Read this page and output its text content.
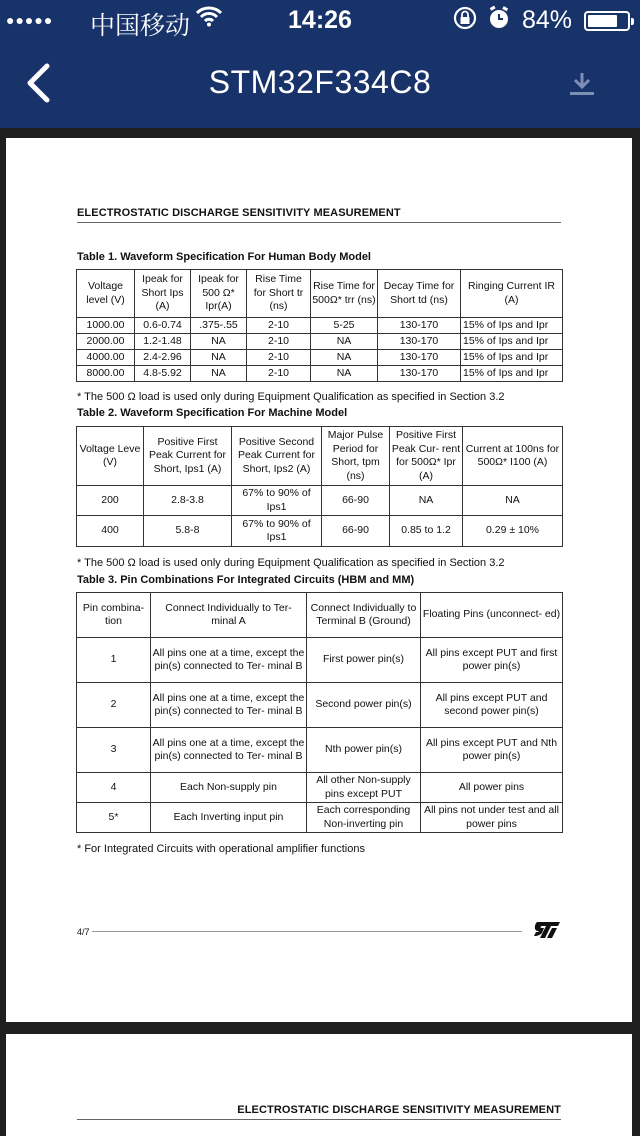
●●●●● 中国移动	14:26	84%
STM32F334C8
ELECTROSTATIC DISCHARGE SENSITIVITY MEASUREMENT
Table 1. Waveform Specification For Human Body Model
Voltage level (V)	Ipeak for Short Ips (A)	Ipeak for 500 Ω* Ipr(A)	Rise Time for Short tr (ns)	Rise Time for 500Ω* trr (ns)	Decay Time for Short td (ns)	Ringing Current IR (A)
1000.00	0.6-0.74	.375-.55	2-10	5-25	130-170	15% of Ips and Ipr
2000.00	1.2-1.48	NA	2-10	NA	130-170	15% of Ips and Ipr
4000.00	2.4-2.96	NA	2-10	NA	130-170	15% of Ips and Ipr
8000.00	4.8-5.92	NA	2-10	NA	130-170	15% of Ips and Ipr
* The 500 Ω load is used only during Equipment Qualification as specified in Section 3.2
Table 2. Waveform Specification For Machine Model
Voltage Leve (V)	Positive First Peak Current for Short, Ips1 (A)	Positive Second Peak Current for Short, Ips2 (A)	Major Pulse Period for Short, tpm (ns)	Positive First Peak Cur- rent for 500Ω* Ipr (A)	Current at 100ns for 500Ω* I100 (A)
200	2.8-3.8	67% to 90% of Ips1	66-90	NA	NA
400	5.8-8	67% to 90% of Ips1	66-90	0.85 to 1.2	0.29 ± 10%
* The 500 Ω load is used only during Equipment Qualification as specified in Section 3.2
Table 3. Pin Combinations For Integrated Circuits (HBM and MM)
Pin combina- tion	Connect Individually to Ter- minal A	Connect Individually to Terminal B (Ground)	Floating Pins (unconnect- ed)
1	All pins one at a time, except the pin(s) connected to Ter- minal B	First power pin(s)	All pins except PUT and first power pin(s)
2	All pins one at a time, except the pin(s) connected to Ter- minal B	Second power pin(s)	All pins except PUT and second power pin(s)
3	All pins one at a time, except the pin(s) connected to Ter- minal B	Nth power pin(s)	All pins except PUT and Nth power pin(s)
4	Each Non-supply pin	All other Non-supply pins except PUT	All power pins
5*	Each Inverting input pin	Each corresponding Non-inverting pin	All pins not under test and all power pins
* For Integrated Circuits with operational amplifier functions
4/7
ELECTROSTATIC DISCHARGE SENSITIVITY MEASUREMENT
